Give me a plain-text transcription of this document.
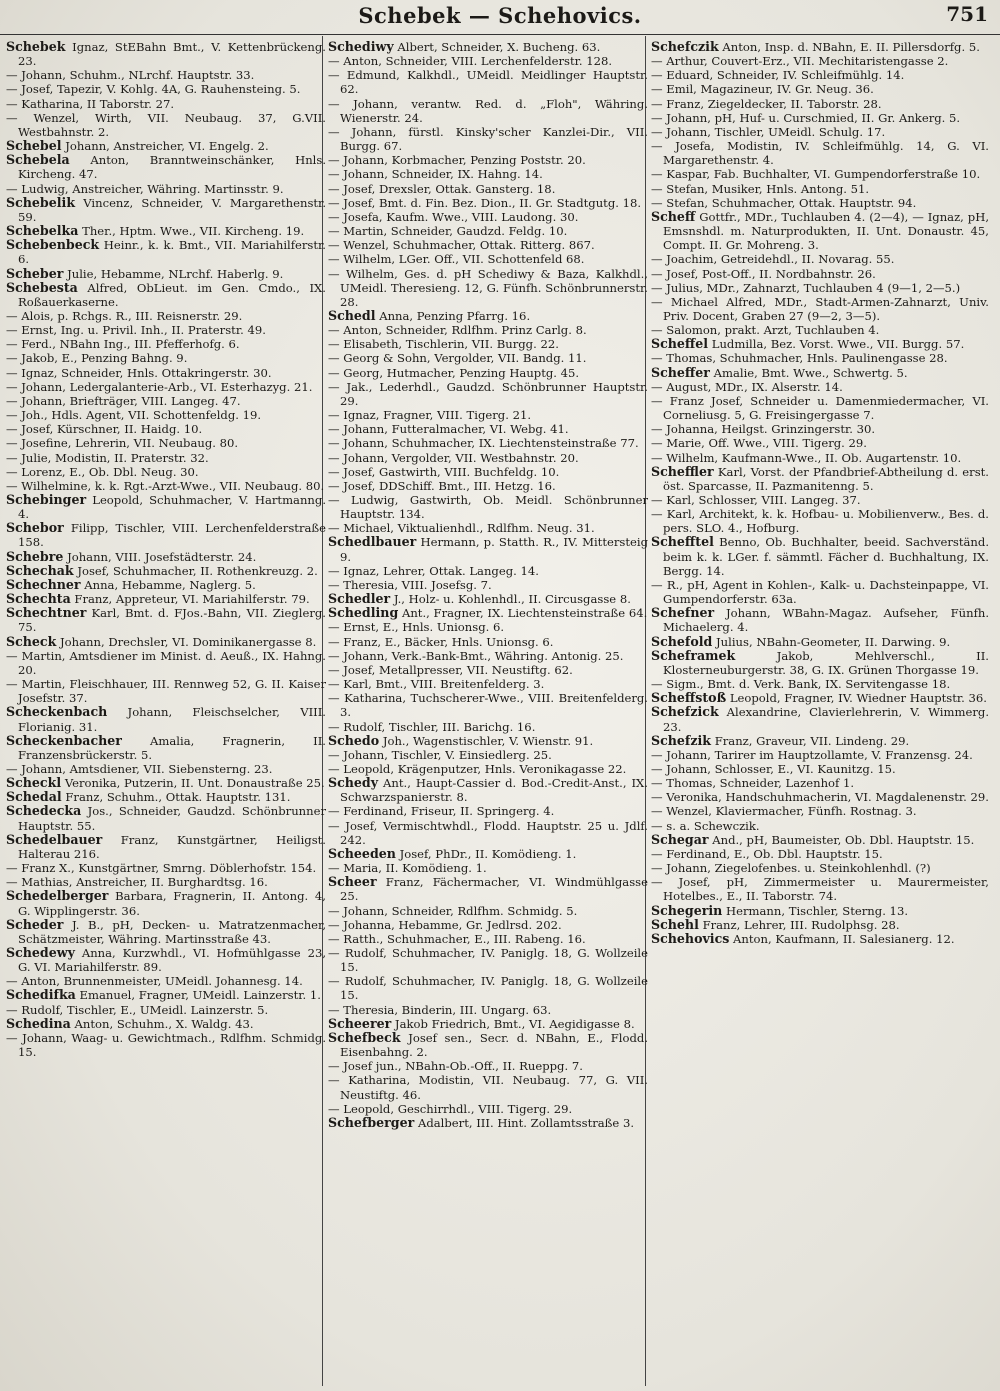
Schebek — Schehovics.	751

Schebek Ignaz, StEBahn Bmt., V. Kettenbrückeng. 23.

— Johann, Schuhm., NLrchf. Hauptstr. 33.

— Josef, Tapezir, V. Kohlg. 4A, G. Rauhensteing. 5.

— Katharina, II Taborstr. 27.

— Wenzel, Wirth, VII. Neubaug. 37, G.VII. Westbahnstr. 2.

Schebel Johann, Anstreicher, VI. Engelg. 2.

Schebela Anton, Branntweinschänker, Hnls. Kircheng. 47.

— Ludwig, Anstreicher, Währing. Martinsstr. 9.

Schebelik Vincenz, Schneider, V. Margarethenstr. 59.

Schebelka Ther., Hptm. Wwe., VII. Kircheng. 19.

Schebenbeck Heinr., k. k. Bmt., VII. Mariahilferstr. 6.

Scheber Julie, Hebamme, NLrchf. Haberlg. 9.

Schebesta Alfred, ObLieut. im Gen. Cmdo., IX. Roßauerkaserne.

— Alois, p. Rchgs. R., III. Reisnerstr. 29.

— Ernst, Ing. u. Privil. Inh., II. Praterstr. 49.

— Ferd., NBahn Ing., III. Pfefferhofg. 6.

— Jakob, E., Penzing Bahng. 9.

— Ignaz, Schneider, Hnls. Ottakringerstr. 30.

— Johann, Ledergalanterie-Arb., VI. Esterhazyg. 21.

— Johann, Briefträger, VIII. Langeg. 47.

— Joh., Hdls. Agent, VII. Schottenfeldg. 19.

— Josef, Kürschner, II. Haidg. 10.

— Josefine, Lehrerin, VII. Neubaug. 80.

— Julie, Modistin, II. Praterstr. 32.

— Lorenz, E., Ob. Dbl. Neug. 30.

— Wilhelmine, k. k. Rgt.-Arzt-Wwe., VII. Neubaug. 80.

Schebinger Leopold, Schuhmacher, V. Hartmanng. 4.

Schebor Filipp, Tischler, VIII. Lerchenfelderstraße 158.

Schebre Johann, VIII. Josefstädterstr. 24.

Schechak Josef, Schuhmacher, II. Rothenkreuzg. 2.

Schechner Anna, Hebamme, Naglerg. 5.

Schechta Franz, Appreteur, VI. Mariahilferstr. 79.

Schechtner Karl, Bmt. d. FJos.-Bahn, VII. Zieglerg. 75.

Scheck Johann, Drechsler, VI. Dominikanergasse 8.

— Martin, Amtsdiener im Minist. d. Aeuß., IX. Hahng. 20.

— Martin, Fleischhauer, III. Rennweg 52, G. II. Kaiser Josefstr. 37.

Scheckenbach Johann, Fleischselcher, VIII. Florianig. 31.

Scheckenbacher Amalia, Fragnerin, II. Franzensbrückerstr. 5.

— Johann, Amtsdiener, VII. Siebensterng. 23.

Scheckl Veronika, Putzerin, II. Unt. Donaustraße 25.

Schedal Franz, Schuhm., Ottak. Hauptstr. 131.

Schedecka Jos., Schneider, Gaudzd. Schönbrunner Hauptstr. 55.

Schedelbauer Franz, Kunstgärtner, Heiligst. Halterau 216.

— Franz X., Kunstgärtner, Smrng. Döblerhofstr. 154.

— Mathias, Anstreicher, II. Burghardtsg. 16.

Schedelberger Barbara, Fragnerin, II. Antong. 4, G. Wipplingerstr. 36.

Scheder J. B., pH, Decken- u. Matratzenmacher, Schätzmeister, Währing. Martinsstraße 43.

Schedewy Anna, Kurzwhdl., VI. Hofmühlgasse 23, G. VI. Mariahilferstr. 89.

— Anton, Brunnenmeister, UMeidl. Johannesg. 14.

Schedifka Emanuel, Fragner, UMeidl. Lainzerstr. 1.

— Rudolf, Tischler, E., UMeidl. Lainzerstr. 5.

Schedina Anton, Schuhm., X. Waldg. 43.

— Johann, Waag- u. Gewichtmach., Rdlfhm. Schmidg. 15.

Schediwy Albert, Schneider, X. Bucheng. 63.

— Anton, Schneider, VIII. Lerchenfelderstr. 128.

— Edmund, Kalkhdl., UMeidl. Meidlinger Hauptstr. 62.

— Johann, verantw. Red. d. „Floh", Währing. Wienerstr. 24.

— Johann, fürstl. Kinsky'scher Kanzlei-Dir., VII. Burgg. 67.

— Johann, Korbmacher, Penzing Poststr. 20.

— Johann, Schneider, IX. Hahng. 14.

— Josef, Drexsler, Ottak. Gansterg. 18.

— Josef, Bmt. d. Fin. Bez. Dion., II. Gr. Stadtgutg. 18.

— Josefa, Kaufm. Wwe., VIII. Laudong. 30.

— Martin, Schneider, Gaudzd. Feldg. 10.

— Wenzel, Schuhmacher, Ottak. Ritterg. 867.

— Wilhelm, LGer. Off., VII. Schottenfeld 68.

— Wilhelm, Ges. d. pH Schediwy & Baza, Kalkhdl., UMeidl. Theresieng. 12, G. Fünfh. Schönbrunnerstr. 28.

Schedl Anna, Penzing Pfarrg. 16.

— Anton, Schneider, Rdlfhm. Prinz Carlg. 8.

— Elisabeth, Tischlerin, VII. Burgg. 22.

— Georg & Sohn, Vergolder, VII. Bandg. 11.

— Georg, Hutmacher, Penzing Hauptg. 45.

— Jak., Lederhdl., Gaudzd. Schönbrunner Hauptstr. 29.

— Ignaz, Fragner, VIII. Tigerg. 21.

— Johann, Futteralmacher, VI. Webg. 41.

— Johann, Schuhmacher, IX. Liechtensteinstraße 77.

— Johann, Vergolder, VII. Westbahnstr. 20.

— Josef, Gastwirth, VIII. Buchfeldg. 10.

— Josef, DDSchiff. Bmt., III. Hetzg. 16.

— Ludwig, Gastwirth, Ob. Meidl. Schönbrunner Hauptstr. 134.

— Michael, Viktualienhdl., Rdlfhm. Neug. 31.

Schedlbauer Hermann, p. Statth. R., IV. Mittersteig 9.

— Ignaz, Lehrer, Ottak. Langeg. 14.

— Theresia, VIII. Josefsg. 7.

Schedler J., Holz- u. Kohlenhdl., II. Circusgasse 8.

Schedling Ant., Fragner, IX. Liechtensteinstraße 64.

— Ernst, E., Hnls. Unionsg. 6.

— Franz, E., Bäcker, Hnls. Unionsg. 6.

— Johann, Verk.-Bank-Bmt., Währing. Antonig. 25.

— Josef, Metallpresser, VII. Neustiftg. 62.

— Karl, Bmt., VIII. Breitenfelderg. 3.

— Katharina, Tuchscherer-Wwe., VIII. Breitenfelderg. 3.

— Rudolf, Tischler, III. Barichg. 16.

Schedo Joh., Wagenstischler, V. Wienstr. 91.

— Johann, Tischler, V. Einsiedlerg. 25.

— Leopold, Krägenputzer, Hnls. Veronikagasse 22.

Schedy Ant., Haupt-Cassier d. Bod.-Credit-Anst., IX. Schwarzspanierstr. 8.

— Ferdinand, Friseur, II. Springerg. 4.

— Josef, Vermischtwhdl., Flodd. Hauptstr. 25 u. Jdlf. 242.

Scheeden Josef, PhDr., II. Komödieng. 1.

— Maria, II. Komödieng. 1.

Scheer Franz, Fächermacher, VI. Windmühlgasse 25.

— Johann, Schneider, Rdlfhm. Schmidg. 5.

— Johanna, Hebamme, Gr. Jedlrsd. 202.

— Ratth., Schuhmacher, E., III. Rabeng. 16.

— Rudolf, Schuhmacher, IV. Paniglg. 18, G. Wollzeile 15.

— Rudolf, Schuhmacher, IV. Paniglg. 18, G. Wollzeile 15.

— Theresia, Binderin, III. Ungarg. 63.

Scheerer Jakob Friedrich, Bmt., VI. Aegidigasse 8.

Schefbeck Josef sen., Secr. d. NBahn, E., Flodd. Eisenbahng. 2.

— Josef jun., NBahn-Ob.-Off., II. Rueppg. 7.

— Katharina, Modistin, VII. Neubaug. 77, G. VII. Neustiftg. 46.

— Leopold, Geschirrhdl., VIII. Tigerg. 29.

Schefberger Adalbert, III. Hint. Zollamtsstraße 3.

Schefczik Anton, Insp. d. NBahn, E. II. Pillersdorfg. 5.

— Arthur, Couvert-Erz., VII. Mechitaristengasse 2.

— Eduard, Schneider, IV. Schleifmühlg. 14.

— Emil, Magazineur, IV. Gr. Neug. 36.

— Franz, Ziegeldecker, II. Taborstr. 28.

— Johann, pH, Huf- u. Curschmied, II. Gr. Ankerg. 5.

— Johann, Tischler, UMeidl. Schulg. 17.

— Josefa, Modistin, IV. Schleifmühlg. 14, G. VI. Margarethenstr. 4.

— Kaspar, Fab. Buchhalter, VI. Gumpendorferstraße 10.

— Stefan, Musiker, Hnls. Antong. 51.

— Stefan, Schuhmacher, Ottak. Hauptstr. 94.

Scheff Gottfr., MDr., Tuchlauben 4. (2—4), — Ignaz, pH, Emsnshdl. m. Naturprodukten, II. Unt. Donaustr. 45, Compt. II. Gr. Mohreng. 3.

— Joachim, Getreidehdl., II. Novarag. 55.

— Josef, Post-Off., II. Nordbahnstr. 26.

— Julius, MDr., Zahnarzt, Tuchlauben 4 (9—1, 2—5.)

— Michael Alfred, MDr., Stadt-Armen-Zahnarzt, Univ. Priv. Docent, Graben 27 (9—2, 3—5).

— Salomon, prakt. Arzt, Tuchlauben 4.

Scheffel Ludmilla, Bez. Vorst. Wwe., VII. Burgg. 57.

— Thomas, Schuhmacher, Hnls. Paulinengasse 28.

Scheffer Amalie, Bmt. Wwe., Schwertg. 5.

— August, MDr., IX. Alserstr. 14.

— Franz Josef, Schneider u. Damenmiedermacher, VI. Corneliusg. 5, G. Freisingergasse 7.

— Johanna, Heilgst. Grinzingerstr. 30.

— Marie, Off. Wwe., VIII. Tigerg. 29.

— Wilhelm, Kaufmann-Wwe., II. Ob. Augartenstr. 10.

Scheffler Karl, Vorst. der Pfandbrief-Abtheilung d. erst. öst. Sparcasse, II. Pazmanitenng. 5.

— Karl, Schlosser, VIII. Langeg. 37.

— Karl, Architekt, k. k. Hofbau- u. Mobilienverw., Bes. d. pers. SLO. 4., Hofburg.

Schefftel Benno, Ob. Buchhalter, beeid. Sachverständ. beim k. k. LGer. f. sämmtl. Fächer d. Buchhaltung, IX. Bergg. 14.

— R., pH, Agent in Kohlen-, Kalk- u. Dachsteinpappe, VI. Gumpendorferstr. 63a.

Schefner Johann, WBahn-Magaz. Aufseher, Fünfh. Michaelerg. 4.

Schefold Julius, NBahn-Geometer, II. Darwing. 9.

Scheframek	Jakob, Mehlverschl., II. Klosterneuburgerstr. 38, G. IX. Grünen Thorgasse 19.

— Sigm., Bmt. d. Verk. Bank, IX. Servitengasse 18.

Scheffstoß Leopold, Fragner, IV. Wiedner Hauptstr. 36.

Schefzick Alexandrine, Clavierlehrerin, V. Wimmerg. 23.

Schefzik Franz, Graveur, VII. Lindeng. 29.

— Johann, Tarirer im Hauptzollamte, V. Franzensg. 24.

— Johann, Schlosser, E., VI. Kaunitzg. 15.

— Thomas, Schneider, Lazenhof 1.

— Veronika, Handschuhmacherin, VI. Magdalenenstr. 29.

— Wenzel, Klaviermacher, Fünfh. Rostnag. 3.

— s. a. Schewczik.

Schegar And., pH, Baumeister, Ob. Dbl. Hauptstr. 15.

— Ferdinand, E., Ob. Dbl. Hauptstr. 15.

— Johann, Ziegelofenbes. u. Steinkohlenhdl. (?)

— Josef, pH, Zimmermeister u. Maurermeister, Hotelbes., E., II. Taborstr. 74.

Schegerin Hermann, Tischler, Sterng. 13.

Schehl Franz, Lehrer, III. Rudolphsg. 28.

Schehovics Anton, Kaufmann, II. Salesianerg. 12.
